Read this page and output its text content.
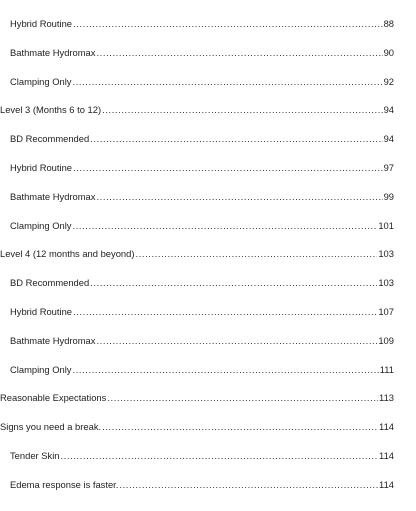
Hybrid Routine .....	88
Bathmate Hydromax .....	90
Clamping Only .....	92
Level 3 (Months 6 to 12) .....	94
BD Recommended .....	94
Hybrid Routine .....	97
Bathmate Hydromax .....	99
Clamping Only .....	101
Level 4 (12 months and beyond) .....	103
BD Recommended .....	103
Hybrid Routine .....	107
Bathmate Hydromax .....	109
Clamping Only .....	111
Reasonable Expectations .....	113
Signs you need a break. .....	114
Tender Skin .....	114
Edema response is faster. .....	114
